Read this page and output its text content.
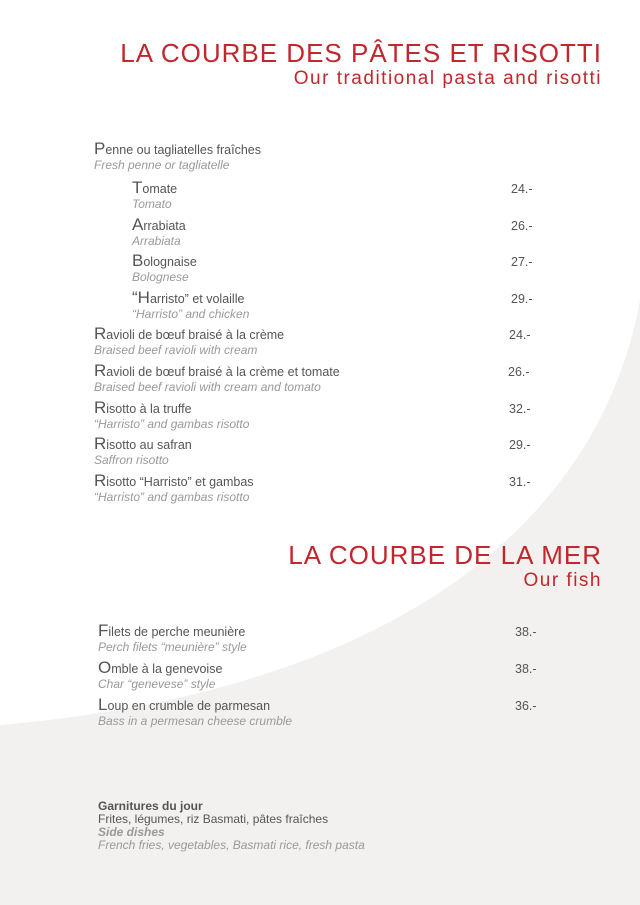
LA COURBE DES PÂTES ET RISOTTI
Our traditional pasta and risotti
Penne ou tagliatelles fraîches
Fresh penne or tagliatelle
Tomate
Tomato
24.-
Arrabiata
Arrabiata
26.-
Bolognaise
Bolognese
27.-
“Harristo” et volaille
“Harristo” and chicken
29.-
Ravioli de bœuf braisé à la crème
Braised beef ravioli with cream
24.-
Ravioli de bœuf braisé à la crème et tomate
Braised beef ravioli with cream and tomato
26.-
Risotto à la truffe
“Harristo” and gambas risotto
32.-
Risotto au safran
Saffron risotto
29.-
Risotto “Harristo” et gambas
“Harristo” and gambas risotto
31.-
LA COURBE DE LA MER
Our fish
Filets de perche meunière
Perch filets “meunière” style
38.-
Omble à la genevoise
Char “genevese” style
38.-
Loup en crumble de parmesan
Bass in a permesan cheese crumble
36.-
Garnitures du jour
Frites, légumes, riz Basmati, pâtes fraîches
Side dishes
French fries, vegetables, Basmati rice, fresh pasta
